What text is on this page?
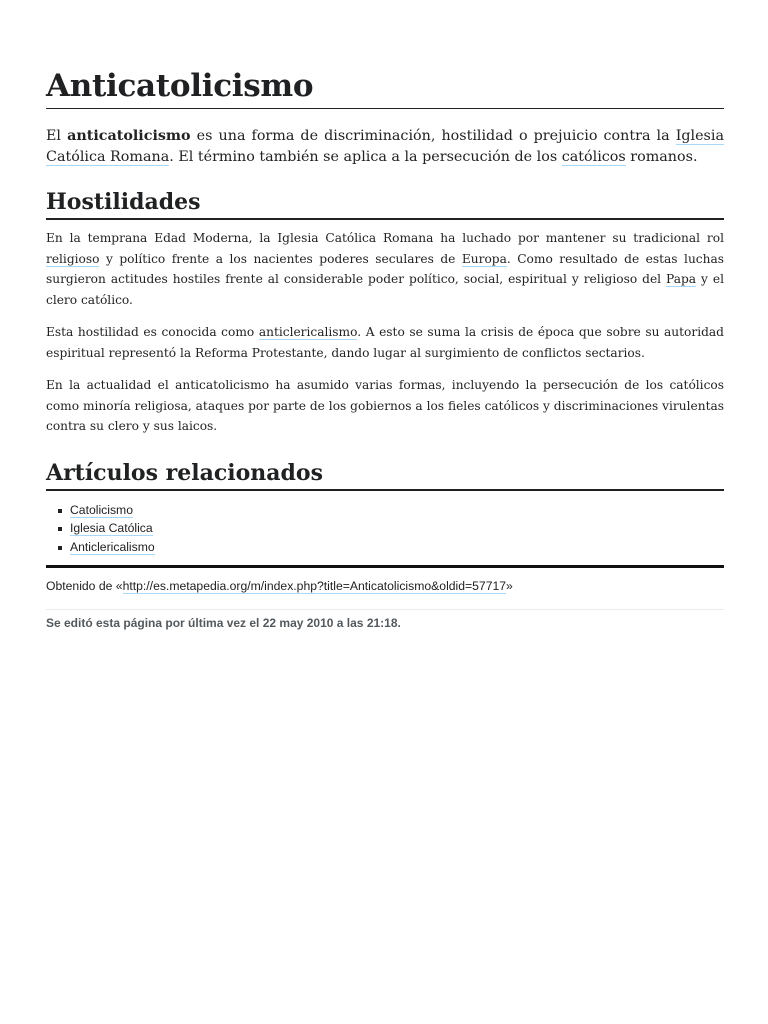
Anticatolicismo

El anticatolicismo es una forma de discriminación, hostilidad o prejuicio contra la Iglesia Católica Romana. El término también se aplica a la persecución de los católicos romanos.

Hostilidades

En la temprana Edad Moderna, la Iglesia Católica Romana ha luchado por mantener su tradicional rol religioso y político frente a los nacientes poderes seculares de Europa. Como resultado de estas luchas surgieron actitudes hostiles frente al considerable poder político, social, espiritual y religioso del Papa y el clero católico.

Esta hostilidad es conocida como anticlericalismo. A esto se suma la crisis de época que sobre su autoridad espiritual representó la Reforma Protestante, dando lugar al surgimiento de conflictos sectarios.

En la actualidad el anticatolicismo ha asumido varias formas, incluyendo la persecución de los católicos como minoría religiosa, ataques por parte de los gobiernos a los fieles católicos y discriminaciones virulentas contra su clero y sus laicos.

Artículos relacionados
Catolicismo
Iglesia Católica
Anticlericalismo
Obtenido de «http://es.metapedia.org/m/index.php?title=Anticatolicismo&oldid=57717»
Se editó esta página por última vez el 22 may 2010 a las 21:18.
